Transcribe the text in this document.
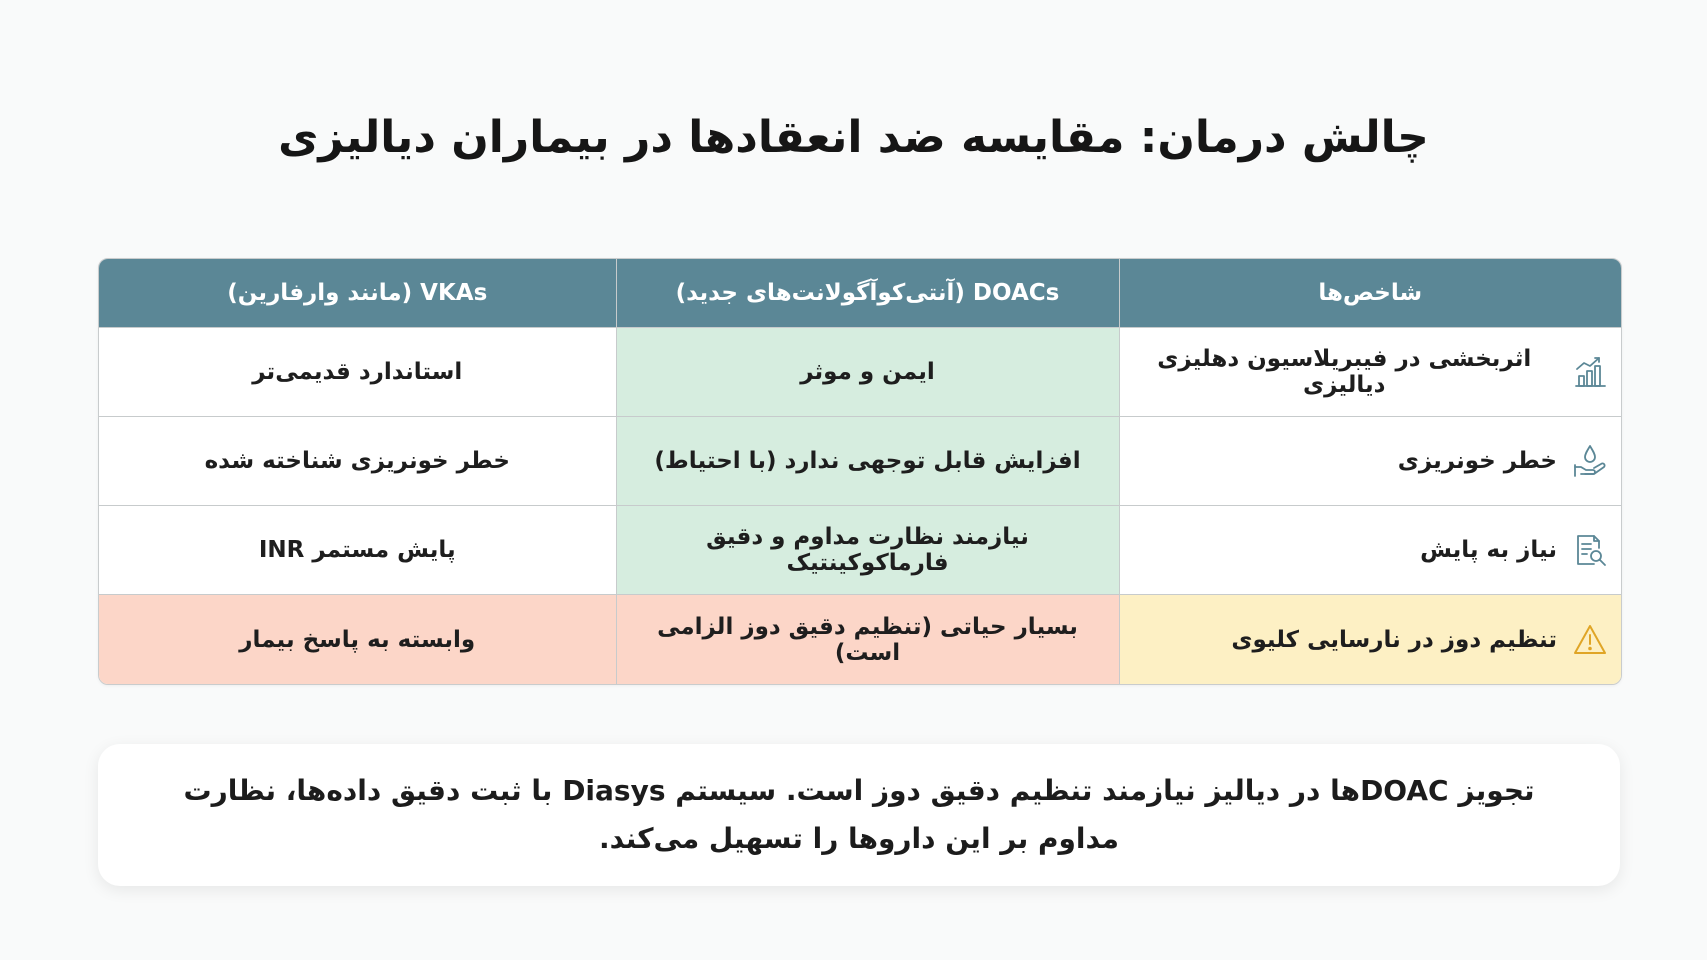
چالش درمان: مقایسه ضد انعقادها در بیماران دیالیزی
شاخص‌ها	DOACs (آنتی‌کوآگولانت‌های جدید)	VKAs (مانند وارفارین)

اثربخشی در فیبریلاسیون دهلیزی دیالیزی	ایمن و موثر	استاندارد قدیمی‌تر

خطر خونریزی	افزایش قابل توجهی ندارد (با احتیاط)	خطر خونریزی شناخته شده

نیاز به پایش	نیازمند نظارت مداوم و دقیق فارماکوکینتیک	پایش مستمر INR

تنظیم دوز در نارسایی کلیوی	بسیار حیاتی (تنظیم دقیق دوز الزامی است)	وابسته به پاسخ بیمار
تجویز DOACها در دیالیز نیازمند تنظیم دقیق دوز است. سیستم Diasys با ثبت دقیق داده‌ها، نظارت مداوم بر این داروها را تسهیل می‌کند.
